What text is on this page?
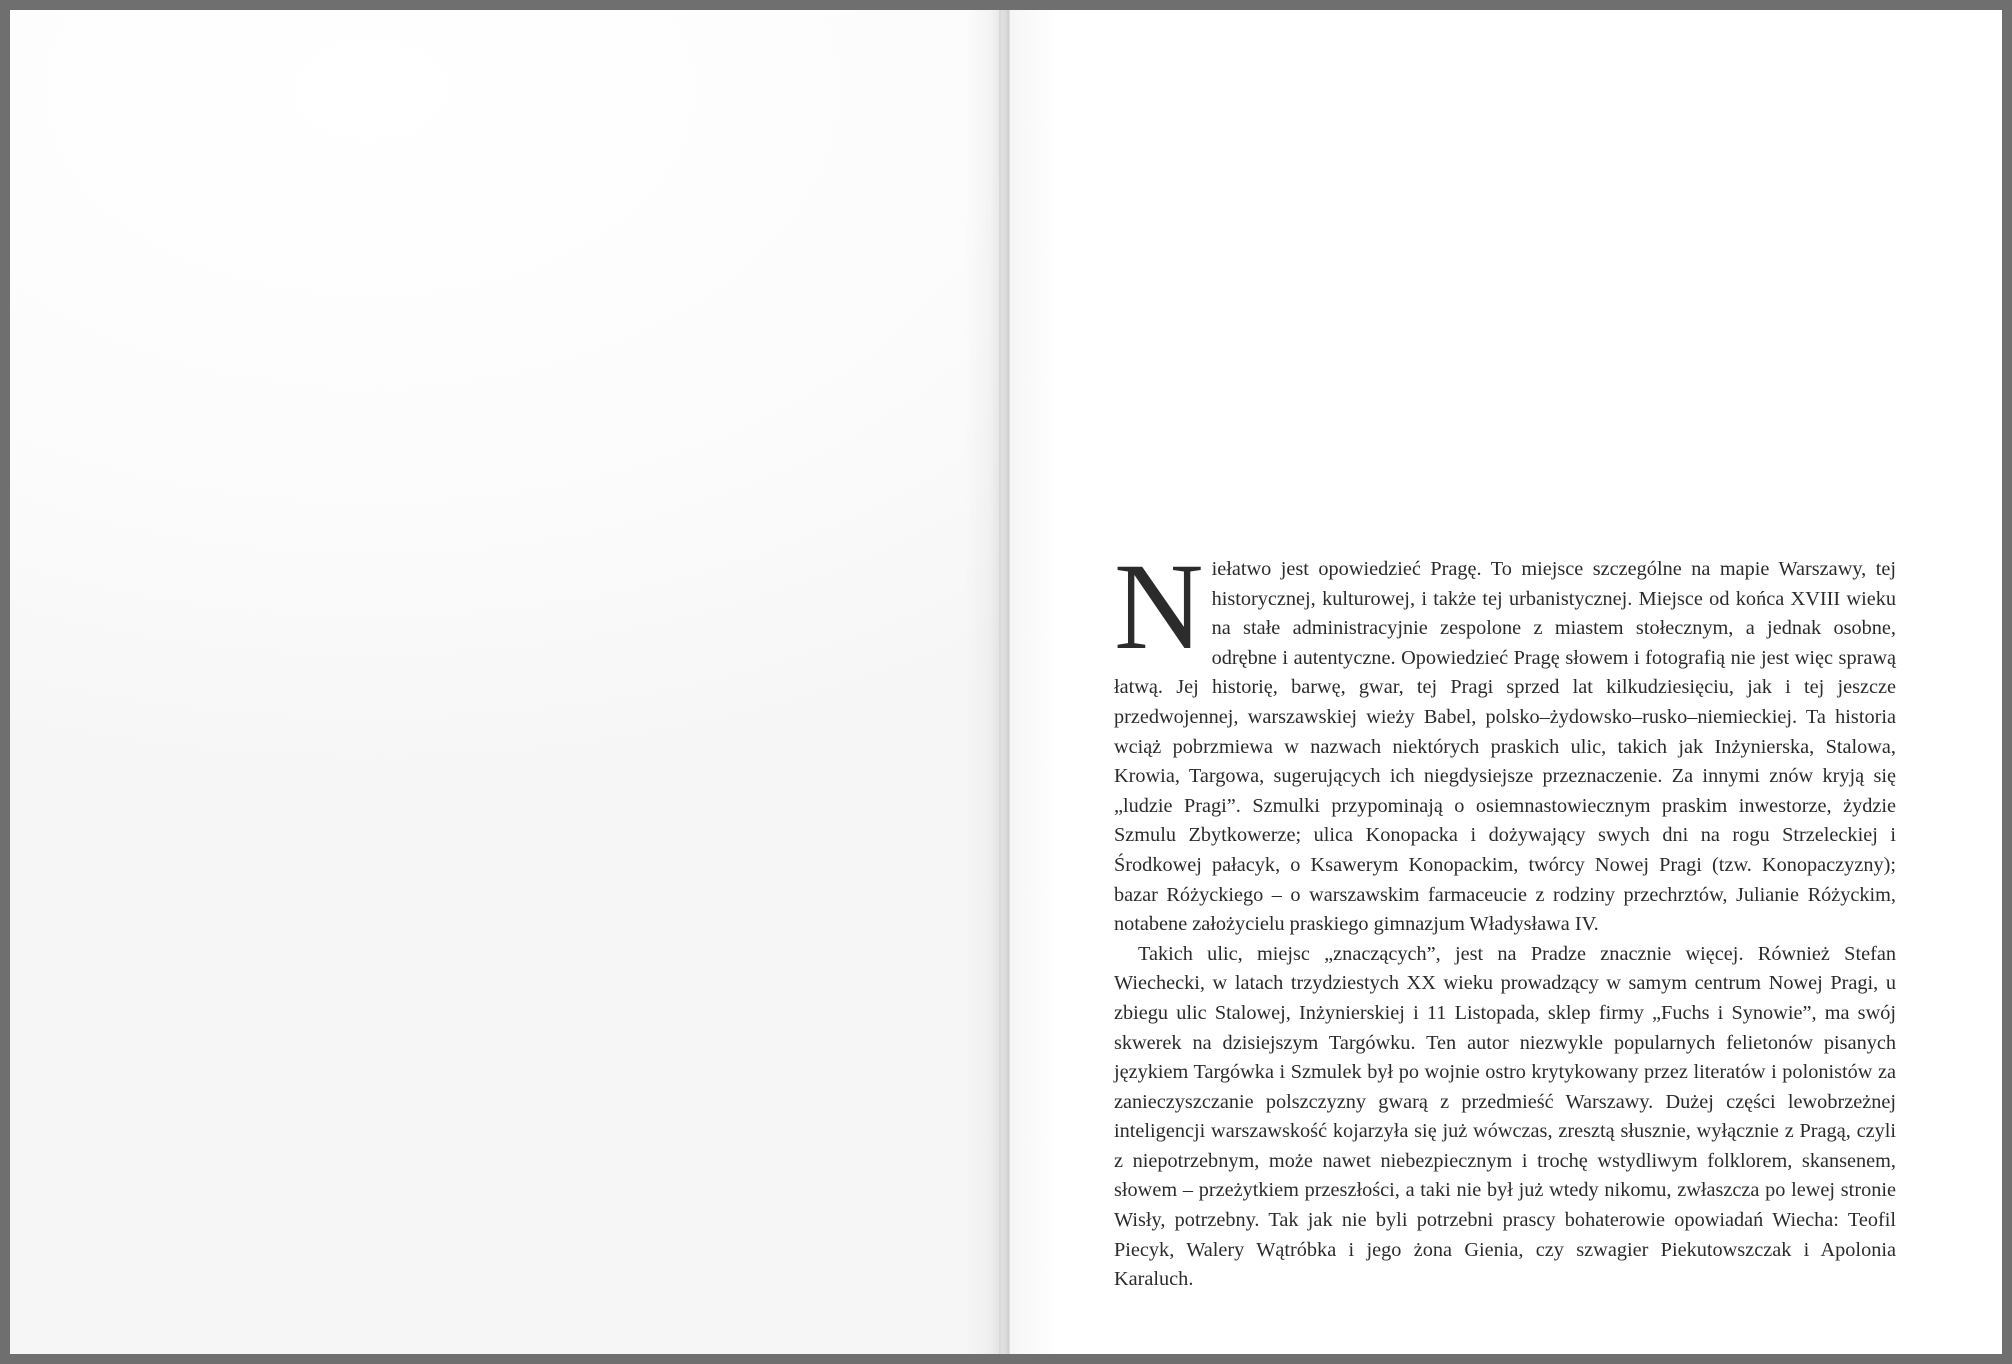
Niełatwo jest opowiedzieć Pragę. To miejsce szczególne na mapie Warszawy, tej historycznej, kulturowej, i także tej urbanistycznej. Miejsce od końca XVIII wieku na stałe administracyjnie zespolone z miastem stołecznym, a jednak osobne, odrębne i autentyczne. Opowiedzieć Pragę słowem i fotografią nie jest więc sprawą łatwą. Jej historię, barwę, gwar, tej Pragi sprzed lat kilkudziesięciu, jak i tej jeszcze przedwojennej, warszawskiej wieży Babel, polsko–żydowsko–rusko–niemieckiej. Ta historia wciąż pobrzmiewa w nazwach niektórych praskich ulic, takich jak Inżynierska, Stalowa, Krowia, Targowa, sugerujących ich niegdysiejsze przeznaczenie. Za innymi znów kryją się „ludzie Pragi”. Szmulki przypominają o osiemnastowiecznym praskim inwestorze, żydzie Szmulu Zbytkowerze; ulica Konopacka i dożywający swych dni na rogu Strzeleckiej i Środkowej pałacyk, o Ksawerym Konopackim, twórcy Nowej Pragi (tzw. Konopaczyzny); bazar Różyckiego – o warszawskim farmaceucie z rodziny przechrztów, Julianie Różyckim, notabene założycielu praskiego gimnazjum Władysława IV.

Takich ulic, miejsc „znaczących”, jest na Pradze znacznie więcej. Również Stefan Wiechecki, w latach trzydziestych XX wieku prowadzący w samym centrum Nowej Pragi, u zbiegu ulic Stalowej, Inżynierskiej i 11 Listopada, sklep firmy „Fuchs i Synowie”, ma swój skwerek na dzisiejszym Targówku. Ten autor niezwykle popularnych felietonów pisanych językiem Targówka i Szmulek był po wojnie ostro krytykowany przez literatów i polonistów za zanieczyszczanie polszczyzny gwarą z przedmieść Warszawy. Dużej części lewobrzeżnej inteligencji warszawskość kojarzyła się już wówczas, zresztą słusznie, wyłącznie z Pragą, czyli z niepotrzebnym, może nawet niebezpiecznym i trochę wstydliwym folklorem, skansenem, słowem – przeżytkiem przeszłości, a taki nie był już wtedy nikomu, zwłaszcza po lewej stronie Wisły, potrzebny. Tak jak nie byli potrzebni prascy bohaterowie opowiadań Wiecha: Teofil Piecyk, Walery Wątróbka i jego żona Gienia, czy szwagier Piekutowszczak i Apolonia Karaluch.
